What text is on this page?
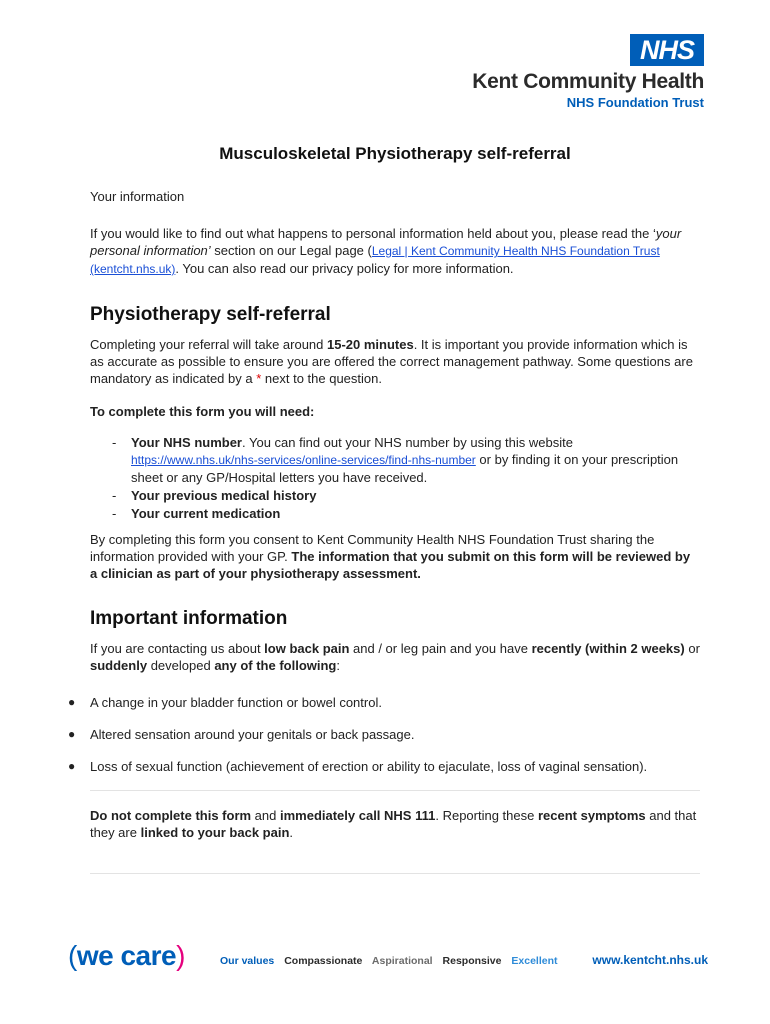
NHS
Kent Community Health
NHS Foundation Trust
Musculoskeletal Physiotherapy self-referral

Your information

If you would like to find out what happens to personal information held about you, please read the ‘your personal information’ section on our Legal page (Legal | Kent Community Health NHS Foundation Trust (kentcht.nhs.uk). You can also read our privacy policy for more information.

Physiotherapy self-referral

Completing your referral will take around 15-20 minutes. It is important you provide information which is as accurate as possible to ensure you are offered the correct management pathway. Some questions are mandatory as indicated by a * next to the question.

To complete this form you will need:

- Your NHS number. You can find out your NHS number by using this website https://www.nhs.uk/nhs-services/online-services/find-nhs-number or by finding it on your prescription sheet or any GP/Hospital letters you have received.
- Your previous medical history
- Your current medication

By completing this form you consent to Kent Community Health NHS Foundation Trust sharing the information provided with your GP. The information that you submit on this form will be reviewed by a clinician as part of your physiotherapy assessment.

Important information

If you are contacting us about low back pain and / or leg pain and you have recently (within 2 weeks) or suddenly developed any of the following:

● A change in your bladder function or bowel control.
● Altered sensation around your genitals or back passage.
● Loss of sexual function (achievement of erection or ability to ejaculate, loss of vaginal sensation).

Do not complete this form and immediately call NHS 111. Reporting these recent symptoms and that they are linked to your back pain.

(we care)	Our values Compassionate Aspirational Responsive Excellent	www.kentcht.nhs.uk
